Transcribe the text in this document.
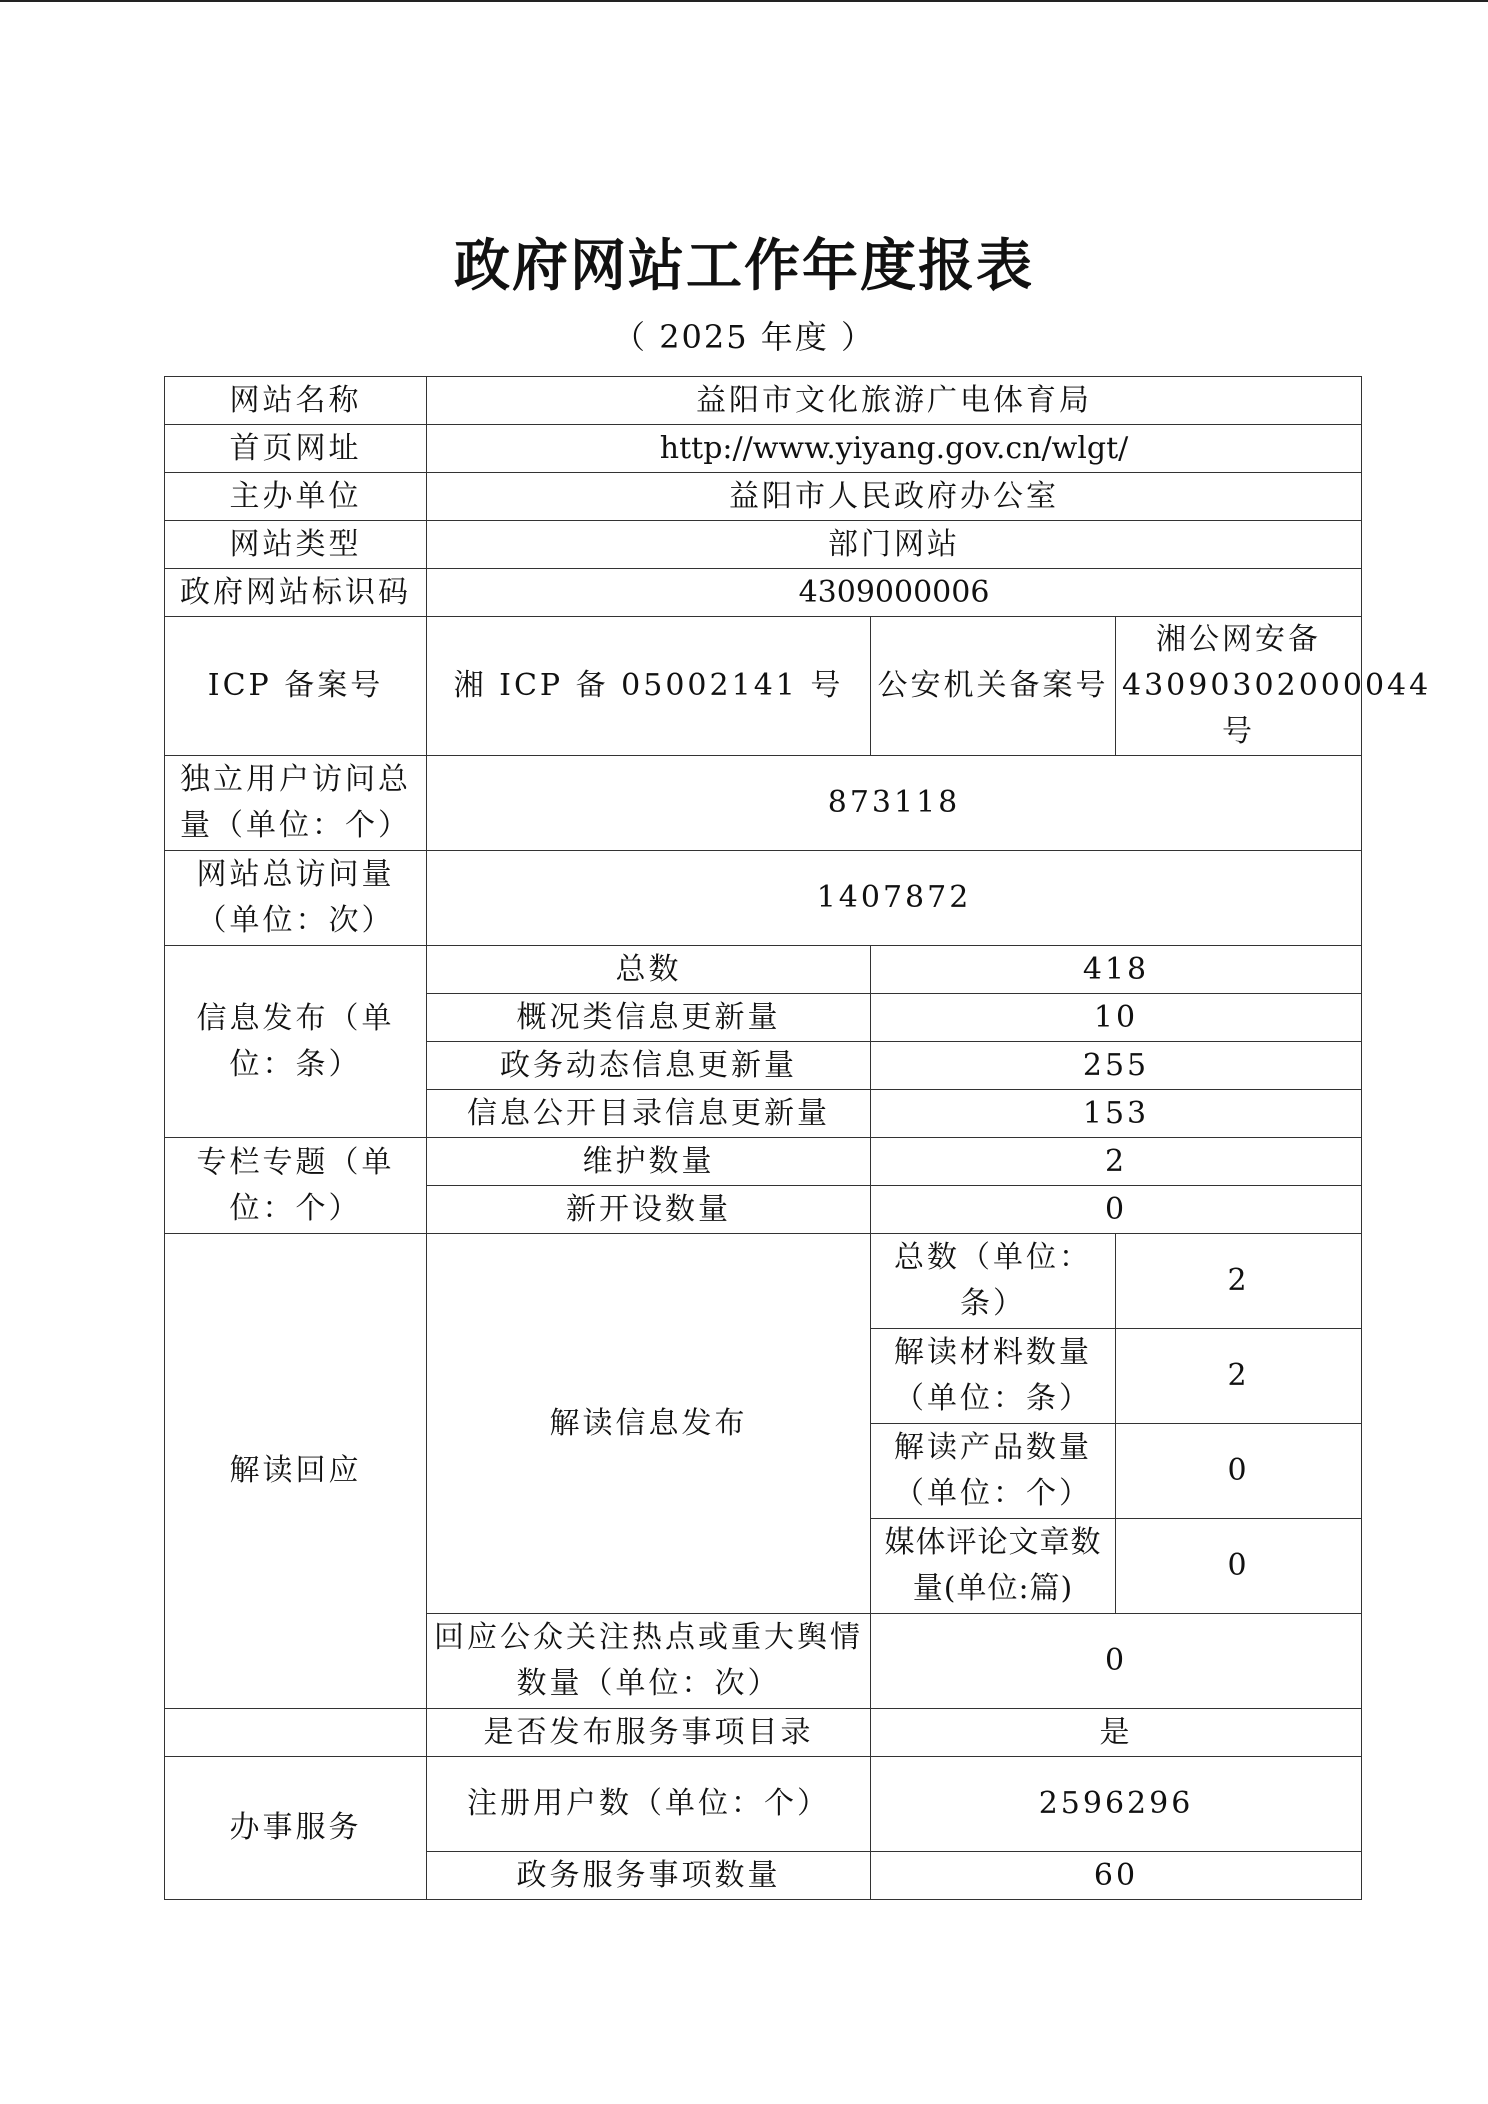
政府网站工作年度报表
（ 2025 年度 ）
网站名称	益阳市文化旅游广电体育局		
首页网址	http://www.yiyang.gov.cn/wlgt/		
主办单位	益阳市人民政府办公室		
网站类型	部门网站		
政府网站标识码	4309000006		
ICP 备案号	湘 ICP 备 05002141 号	公安机关备案号	湘公网安备 43090302000044 号
独立用户访问总量（单位：个）	873118		
网站总访问量（单位：次）	1407872		
信息发布（单位：条）	总数	418	
	概况类信息更新量	10	
	政务动态信息更新量	255	
	信息公开目录信息更新量	153	
专栏专题（单位：个）	维护数量	2	
	新开设数量	0	
解读回应	解读信息发布	总数（单位：条）	2
		解读材料数量（单位：条）	2
		解读产品数量（单位：个）	0
		媒体评论文章数量(单位:篇)	0
	回应公众关注热点或重大舆情数量（单位：次）	0	
	是否发布服务事项目录	是	
办事服务	注册用户数（单位：个）	2596296	
	政务服务事项数量	60	
